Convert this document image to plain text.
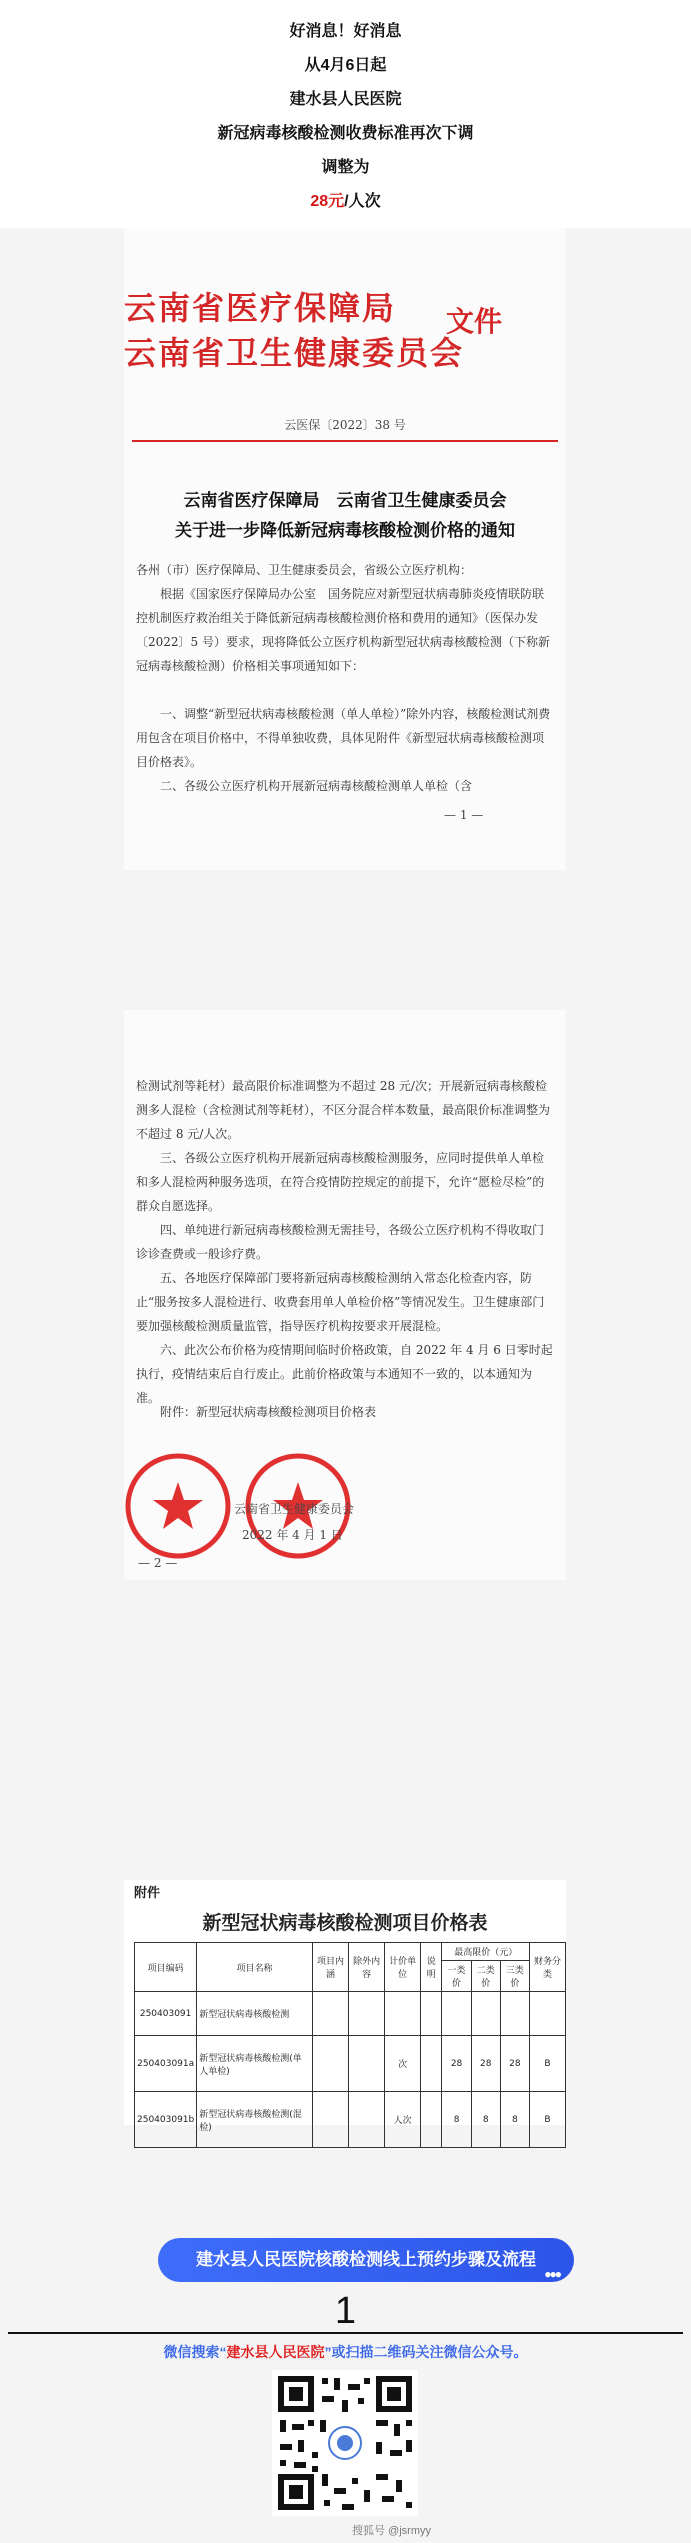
好消息！好消息
从4月6日起
建水县人民医院
新冠病毒核酸检测收费标准再次下调
调整为
28元/人次
云南省医疗保障局
云南省卫生健康委员会
文件
云医保〔2022〕38 号
云南省医疗保障局　云南省卫生健康委员会
关于进一步降低新冠病毒核酸检测价格的通知
各州（市）医疗保障局、卫生健康委员会，省级公立医疗机构：
根据《国家医疗保障局办公室　国务院应对新型冠状病毒肺炎疫情联防联控机制医疗救治组关于降低新冠病毒核酸检测价格和费用的通知》（医保办发〔2022〕5 号）要求，现将降低公立医疗机构新型冠状病毒核酸检测（下称新冠病毒核酸检测）价格相关事项通知如下：
一、调整“新型冠状病毒核酸检测（单人单检）”除外内容，核酸检测试剂费用包含在项目价格中，不得单独收费，具体见附件《新型冠状病毒核酸检测项目价格表》。
二、各级公立医疗机构开展新冠病毒核酸检测单人单检（含
— 1 —
检测试剂等耗材）最高限价标准调整为不超过 28 元/次；开展新冠病毒核酸检测多人混检（含检测试剂等耗材），不区分混合样本数量，最高限价标准调整为不超过 8 元/人次。
三、各级公立医疗机构开展新冠病毒核酸检测服务，应同时提供单人单检和多人混检两种服务选项，在符合疫情防控规定的前提下，允许“愿检尽检”的群众自愿选择。
四、单纯进行新冠病毒核酸检测无需挂号，各级公立医疗机构不得收取门诊诊查费或一般诊疗费。
五、各地医疗保障部门要将新冠病毒核酸检测纳入常态化检查内容，防止“服务按多人混检进行、收费套用单人单检价格”等情况发生。卫生健康部门要加强核酸检测质量监管，指导医疗机构按要求开展混检。
六、此次公布价格为疫情期间临时价格政策，自 2022 年 4 月 6 日零时起执行，疫情结束后自行废止。此前价格政策与本通知不一致的，以本通知为准。
附件：新型冠状病毒核酸检测项目价格表
云南省卫生健康委员会
2022 年 4 月 1 日
— 2 —
附件
新型冠状病毒核酸检测项目价格表
项目编码	项目名称	项目内涵	除外内容	计价单位	说明	最高限价（元）			财务分类
						一类价	二类价	三类价	
250403091	新型冠状病毒核酸检测								
250403091a	新型冠状病毒核酸检测(单人单检)			次		28	28	28	B
250403091b	新型冠状病毒核酸检测(混检)			人次		8	8	8	B
建水县人民医院核酸检测线上预约步骤及流程
●●●
1
微信搜索“建水县人民医院”或扫描二维码关注微信公众号。
搜狐号 @jsrmyy
